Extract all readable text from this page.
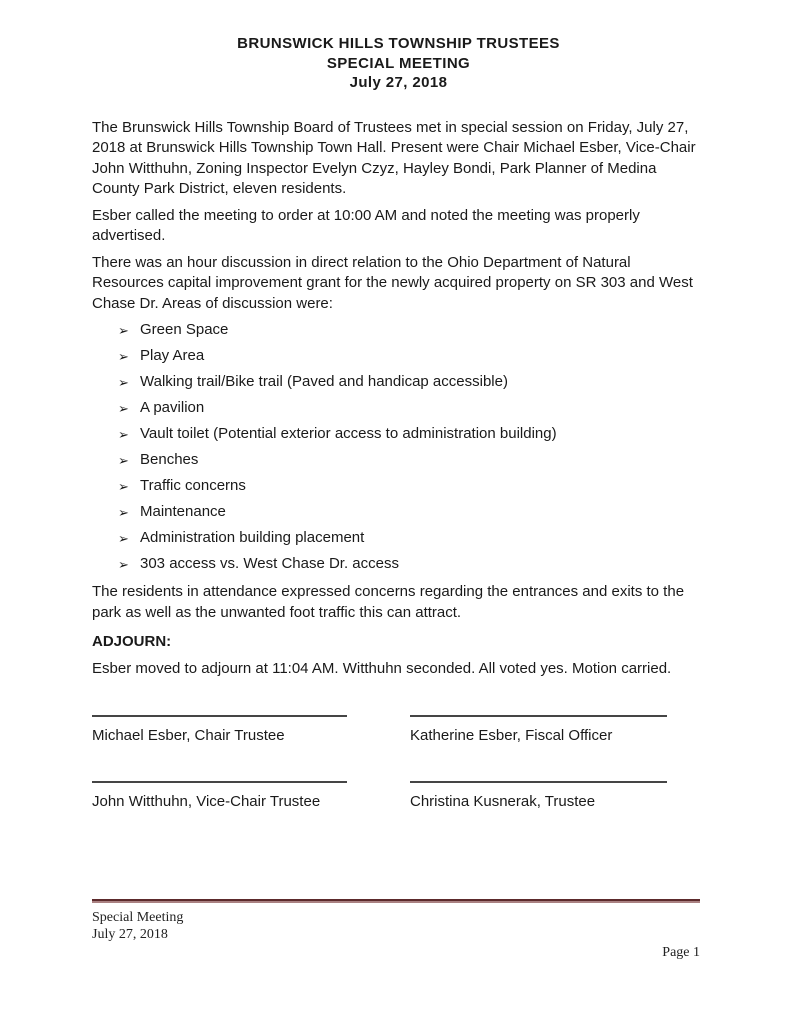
BRUNSWICK HILLS TOWNSHIP TRUSTEES
SPECIAL MEETING
July 27, 2018

The Brunswick Hills Township Board of Trustees met in special session on Friday, July 27, 2018 at Brunswick Hills Township Town Hall. Present were Chair Michael Esber, Vice-Chair John Witthuhn, Zoning Inspector Evelyn Czyz, Hayley Bondi, Park Planner of Medina County Park District, eleven residents.

Esber called the meeting to order at 10:00 AM and noted the meeting was properly advertised.

There was an hour discussion in direct relation to the Ohio Department of Natural Resources capital improvement grant for the newly acquired property on SR 303 and West Chase Dr. Areas of discussion were:

➢ Green Space
➢ Play Area
➢ Walking trail/Bike trail (Paved and handicap accessible)
➢ A pavilion
➢ Vault toilet (Potential exterior access to administration building)
➢ Benches
➢ Traffic concerns
➢ Maintenance
➢ Administration building placement
➢ 303 access vs. West Chase Dr. access

The residents in attendance expressed concerns regarding the entrances and exits to the park as well as the unwanted foot traffic this can attract.

ADJOURN:

Esber moved to adjourn at 11:04 AM. Witthuhn seconded. All voted yes. Motion carried.

Michael Esber, Chair Trustee	Katherine Esber, Fiscal Officer
John Witthuhn, Vice-Chair Trustee	Christina Kusnerak, Trustee
Special Meeting
July 27, 2018
Page 1
